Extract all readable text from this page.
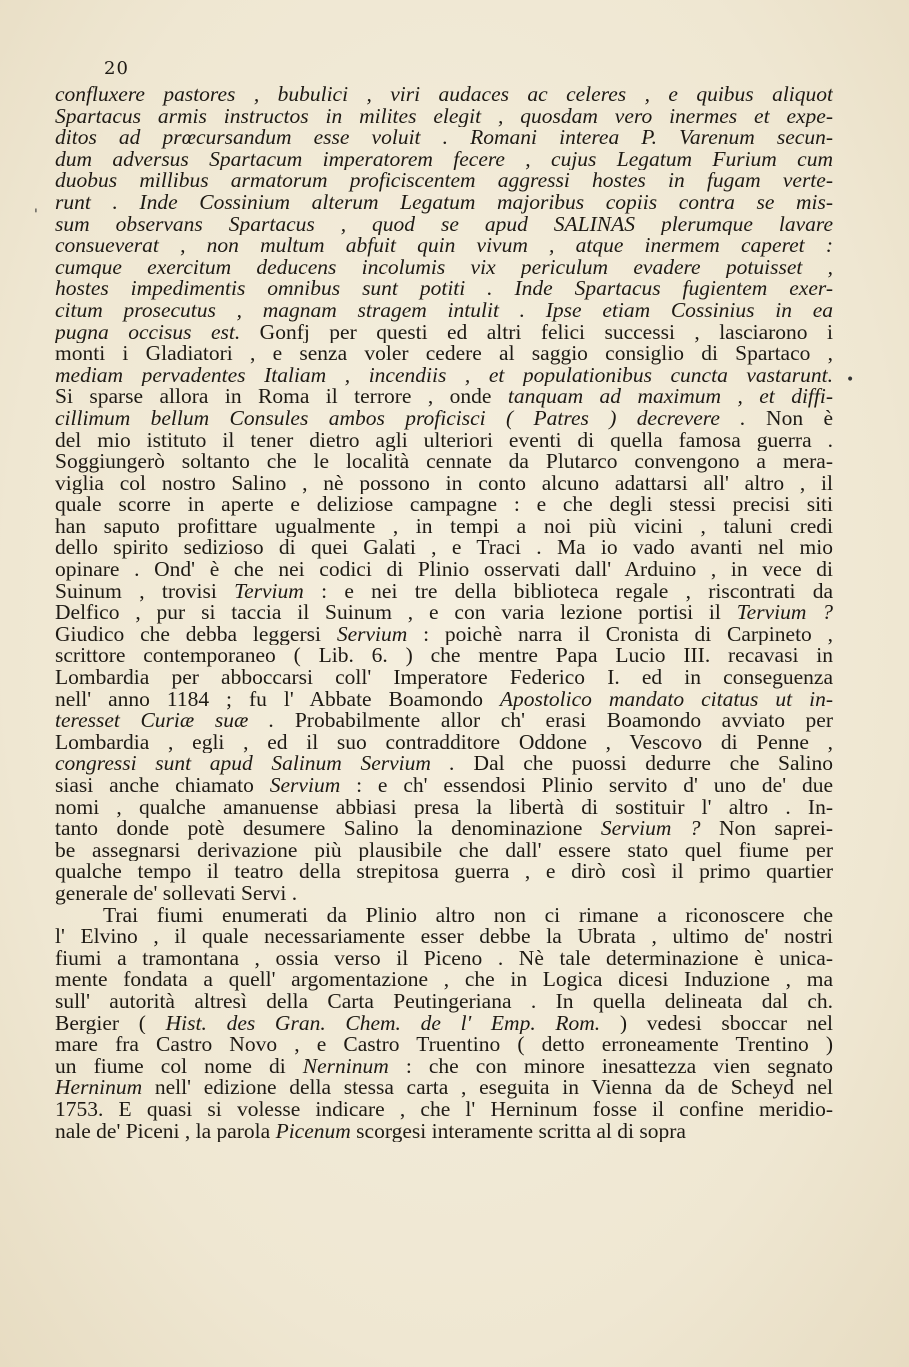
20
'
•
confluxere pastores , bubulici , viri audaces ac celeres , e quibus aliquot
Spartacus armis instructos in milites elegit , quosdam vero inermes et expe-
ditos ad prœcursandum esse voluit . Romani interea P. Varenum secun-
dum adversus Spartacum imperatorem fecere , cujus Legatum Furium cum
duobus millibus armatorum proficiscentem aggressi hostes in fugam verte-
runt . Inde Cossinium alterum Legatum majoribus copiis contra se mis-
sum observans Spartacus , quod se apud SALINAS plerumque lavare
consueverat , non multum abfuit quin vivum , atque inermem caperet :
cumque exercitum deducens incolumis vix periculum evadere potuisset ,
hostes impedimentis omnibus sunt potiti . Inde Spartacus fugientem exer-
citum prosecutus , magnam stragem intulit . Ipse etiam Cossinius in ea
pugna occisus est. Gonfj per questi ed altri felici successi , lasciarono i
monti i Gladiatori , e senza voler cedere al saggio consiglio di Spartaco ,
mediam pervadentes Italiam , incendiis , et populationibus cuncta vastarunt.
Si sparse allora in Roma il terrore , onde tanquam ad maximum , et diffi-
cillimum bellum Consules ambos proficisci ( Patres ) decrevere . Non è
del mio istituto il tener dietro agli ulteriori eventi di quella famosa guerra .
Soggiungerò soltanto che le località cennate da Plutarco convengono a mera-
viglia col nostro Salino , nè possono in conto alcuno adattarsi all' altro , il
quale scorre in aperte e deliziose campagne : e che degli stessi precisi siti
han saputo profittare ugualmente , in tempi a noi più vicini , taluni credi
dello spirito sedizioso di quei Galati , e Traci . Ma io vado avanti nel mio
opinare . Ond' è che nei codici di Plinio osservati dall' Arduino , in vece di
Suinum , trovisi Tervium : e nei tre della biblioteca regale , riscontrati da
Delfico , pur si taccia il Suinum , e con varia lezione portisi il Tervium ?
Giudico che debba leggersi Servium : poichè narra il Cronista di Carpineto ,
scrittore contemporaneo ( Lib. 6. ) che mentre Papa Lucio III. recavasi in
Lombardia per abboccarsi coll' Imperatore Federico I. ed in conseguenza
nell' anno 1184 ; fu l' Abbate Boamondo Apostolico mandato citatus ut in-
teresset Curiæ suæ . Probabilmente allor ch' erasi Boamondo avviato per
Lombardia , egli , ed il suo contradditore Oddone , Vescovo di Penne ,
congressi sunt apud Salinum Servium . Dal che puossi dedurre che Salino
siasi anche chiamato Servium : e ch' essendosi Plinio servito d' uno de' due
nomi , qualche amanuense abbiasi presa la libertà di sostituir l' altro . In-
tanto donde potè desumere Salino la denominazione Servium ? Non saprei-
be assegnarsi derivazione più plausibile che dall' essere stato quel fiume per
qualche tempo il teatro della strepitosa guerra , e dirò così il primo quartier
generale de' sollevati Servi .
Trai fiumi enumerati da Plinio altro non ci rimane a riconoscere che
l' Elvino , il quale necessariamente esser debbe la Ubrata , ultimo de' nostri
fiumi a tramontana , ossia verso il Piceno . Nè tale determinazione è unica-
mente fondata a quell' argomentazione , che in Logica dicesi Induzione , ma
sull' autorità altresì della Carta Peutingeriana . In quella delineata dal ch.
Bergier ( Hist. des Gran. Chem. de l' Emp. Rom. ) vedesi sboccar nel
mare fra Castro Novo , e Castro Truentino ( detto erroneamente Trentino )
un fiume col nome di Nerninum : che con minore inesattezza vien segnato
Herninum nell' edizione della stessa carta , eseguita in Vienna da de Scheyd nel
1753. E quasi si volesse indicare , che l' Herninum fosse il confine meridio-
nale de' Piceni , la parola Picenum scorgesi interamente scritta al di sopra
